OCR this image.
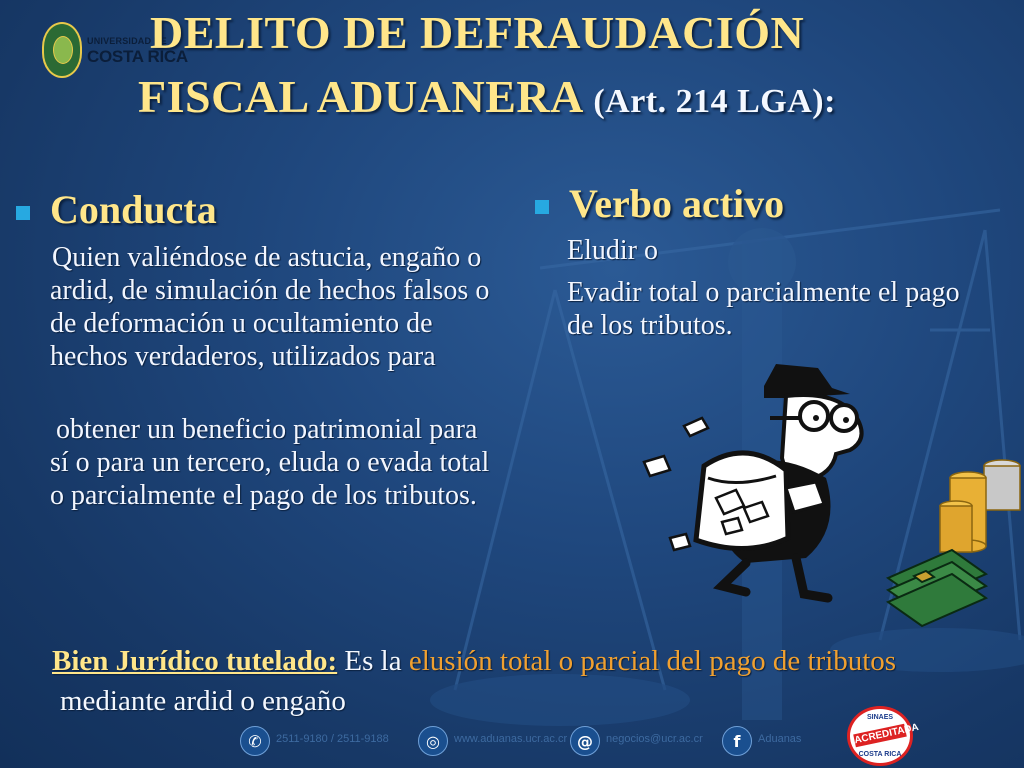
UNIVERSIDAD DE
COSTA RICA
DELITO DE DEFRAUDACIÓN
FISCAL ADUANERA (Art. 214 LGA):
Conducta
Quien valiéndose de astucia, engaño o ardid, de simulación de hechos falsos o de deformación u ocultamiento de hechos verdaderos, utilizados para
obtener un beneficio patrimonial para sí o para un tercero, eluda o evada total o parcialmente el pago de los tributos.
Verbo activo
Eludir o
Evadir total o parcialmente el pago de los tributos.
Bien Jurídico tutelado: Es la elusión total o parcial del pago de tributos
mediante ardid o engaño
✆	2511-9180 / 2511-9188	◎	www.aduanas.ucr.ac.cr @	negocios@ucr.ac.cr	f	Aduanas
SINAES
ACREDITADA
COSTA RICA
